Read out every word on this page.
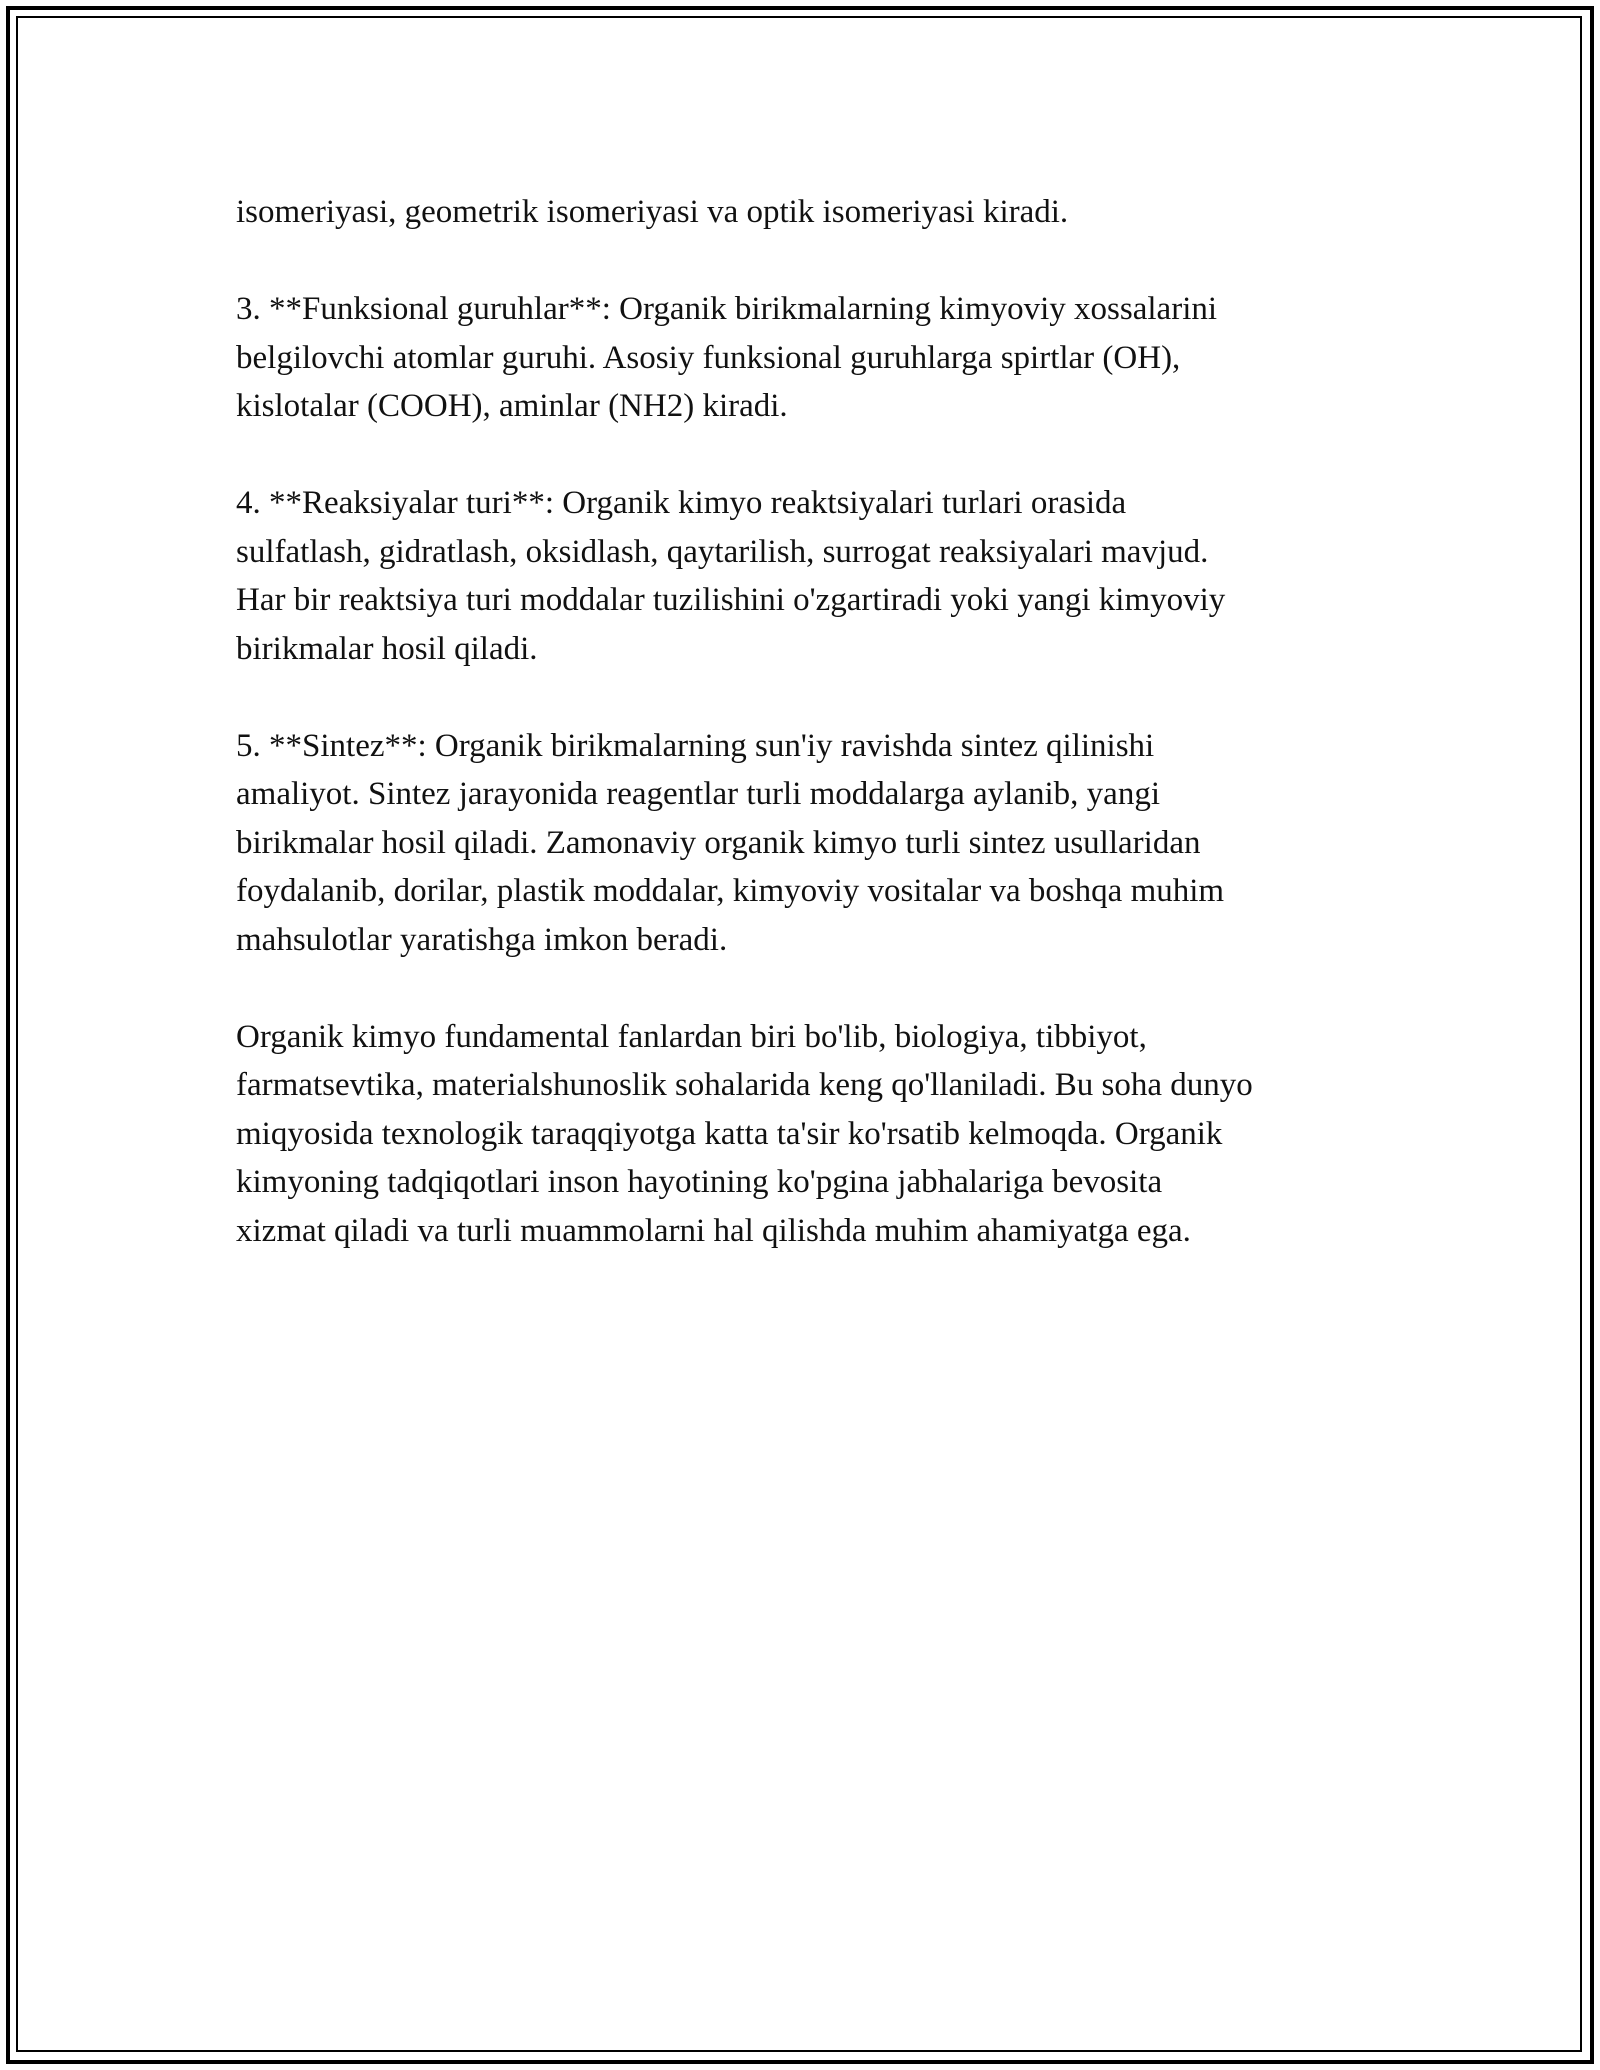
isomeriyasi, geometrik isomeriyasi va optik isomeriyasi kiradi.

3. **Funksional guruhlar**: Organik birikmalarning kimyoviy xossalarini
belgilovchi atomlar guruhi. Asosiy funksional guruhlarga spirtlar (OH),
kislotalar (COOH), aminlar (NH2) kiradi.

4. **Reaksiyalar turi**: Organik kimyo reaktsiyalari turlari orasida
sulfatlash, gidratlash, oksidlash, qaytarilish, surrogat reaksiyalari mavjud.
Har bir reaktsiya turi moddalar tuzilishini o'zgartiradi yoki yangi kimyoviy
birikmalar hosil qiladi.

5. **Sintez**: Organik birikmalarning sun'iy ravishda sintez qilinishi
amaliyot. Sintez jarayonida reagentlar turli moddalarga aylanib, yangi
birikmalar hosil qiladi. Zamonaviy organik kimyo turli sintez usullaridan
foydalanib, dorilar, plastik moddalar, kimyoviy vositalar va boshqa muhim
mahsulotlar yaratishga imkon beradi.

Organik kimyo fundamental fanlardan biri bo'lib, biologiya, tibbiyot,
farmatsevtika, materialshunoslik sohalarida keng qo'llaniladi. Bu soha dunyo
miqyosida texnologik taraqqiyotga katta ta'sir ko'rsatib kelmoqda. Organik
kimyoning tadqiqotlari inson hayotining ko'pgina jabhalariga bevosita
xizmat qiladi va turli muammolarni hal qilishda muhim ahamiyatga ega.
